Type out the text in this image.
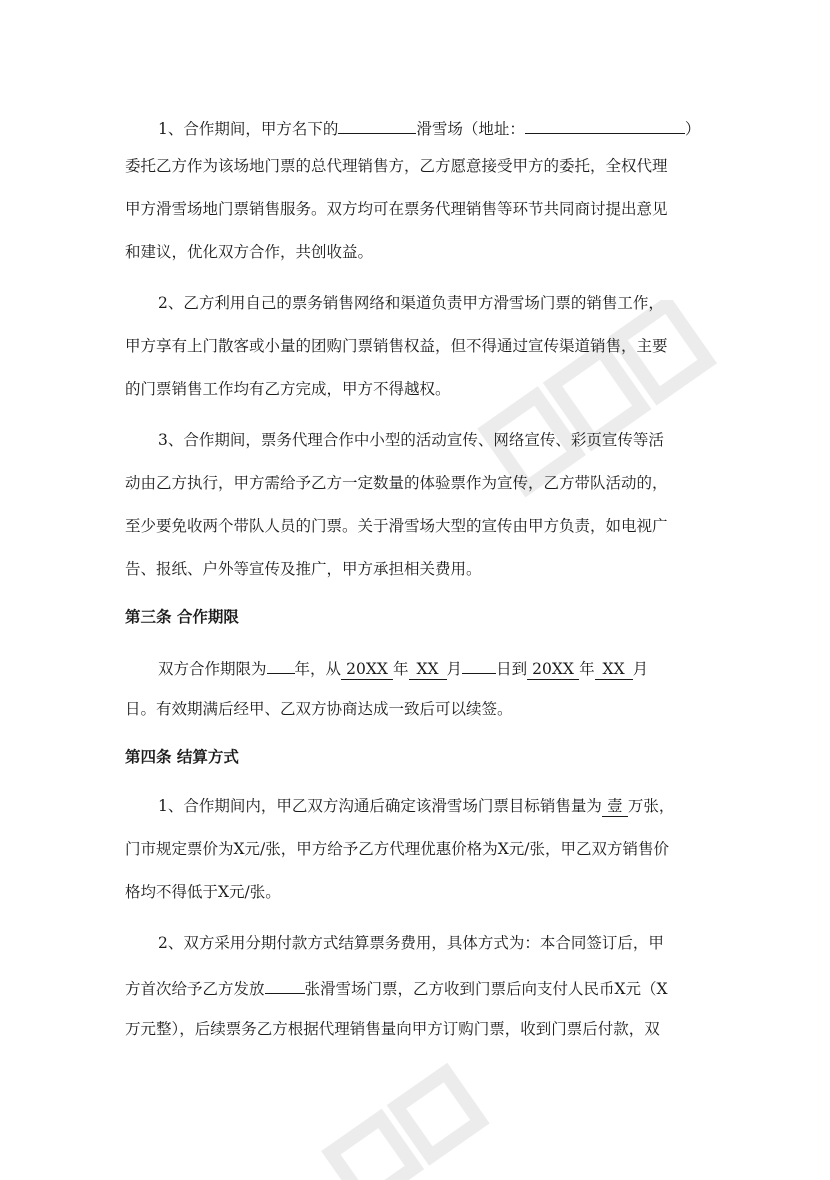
1、合作期间，甲方名下的	滑雪场（地址：	）
委托乙方作为该场地门票的总代理销售方，乙方愿意接受甲方的委托，全权代理
甲方滑雪场地门票销售服务。双方均可在票务代理销售等环节共同商讨提出意见
和建议，优化双方合作，共创收益。
2、乙方利用自己的票务销售网络和渠道负责甲方滑雪场门票的销售工作，
甲方享有上门散客或小量的团购门票销售权益，但不得通过宣传渠道销售，主要
的门票销售工作均有乙方完成，甲方不得越权。
3、合作期间，票务代理合作中小型的活动宣传、网络宣传、彩页宣传等活
动由乙方执行，甲方需给予乙方一定数量的体验票作为宣传，乙方带队活动的，
至少要免收两个带队人员的门票。关于滑雪场大型的宣传由甲方负责，如电视广
告、报纸、户外等宣传及推广，甲方承担相关费用。
第三条 合作期限
双方合作期限为 年，从 20XX 年 XX 月 日到 20XX 年 XX 月
日。有效期满后经甲、乙双方协商达成一致后可以续签。
第四条 结算方式
1、合作期间内，甲乙双方沟通后确定该滑雪场门票目标销售量为 壹 万张，
门市规定票价为X元/张，甲方给予乙方代理优惠价格为X元/张，甲乙双方销售价
格均不得低于X元/张。
2、双方采用分期付款方式结算票务费用，具体方式为：本合同签订后，甲
方首次给予乙方发放	张滑雪场门票，乙方收到门票后向支付人民币X元（X
万元整），后续票务乙方根据代理销售量向甲方订购门票，收到门票后付款，双
